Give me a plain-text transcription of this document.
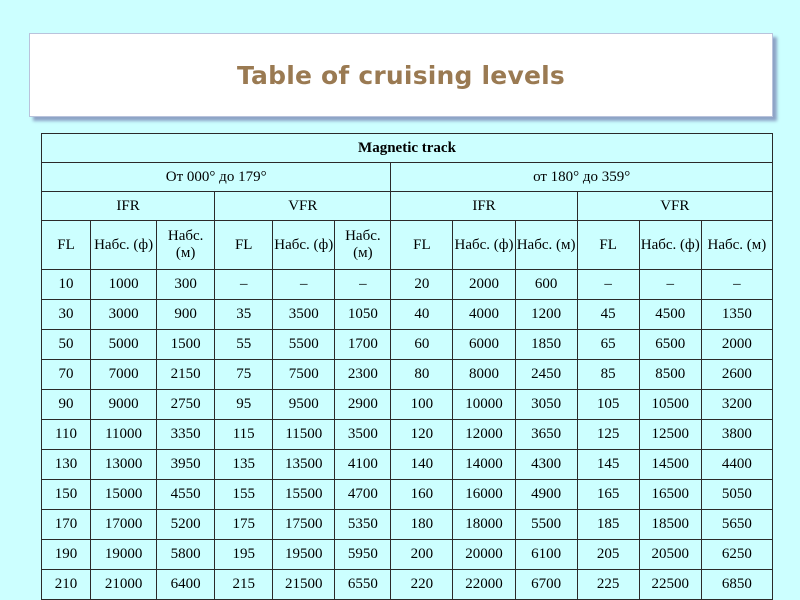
Table of cruising levels
Magnetic track											
От 000° до 179°						от 180° до 359°					
IFR			VFR			IFR			VFR		
FL	Набс. (ф)	Набс. (м)	FL	Набс. (ф)	Набс. (м)	FL	Набс. (ф)	Набс. (м)	FL	Набс. (ф)	Набс. (м)
10	1000	300	–	–	–	20	2000	600	–	–	–
30	3000	900	35	3500	1050	40	4000	1200	45	4500	1350
50	5000	1500	55	5500	1700	60	6000	1850	65	6500	2000
70	7000	2150	75	7500	2300	80	8000	2450	85	8500	2600
90	9000	2750	95	9500	2900	100	10000	3050	105	10500	3200
110	11000	3350	115	11500	3500	120	12000	3650	125	12500	3800
130	13000	3950	135	13500	4100	140	14000	4300	145	14500	4400
150	15000	4550	155	15500	4700	160	16000	4900	165	16500	5050
170	17000	5200	175	17500	5350	180	18000	5500	185	18500	5650
190	19000	5800	195	19500	5950	200	20000	6100	205	20500	6250
210	21000	6400	215	21500	6550	220	22000	6700	225	22500	6850
